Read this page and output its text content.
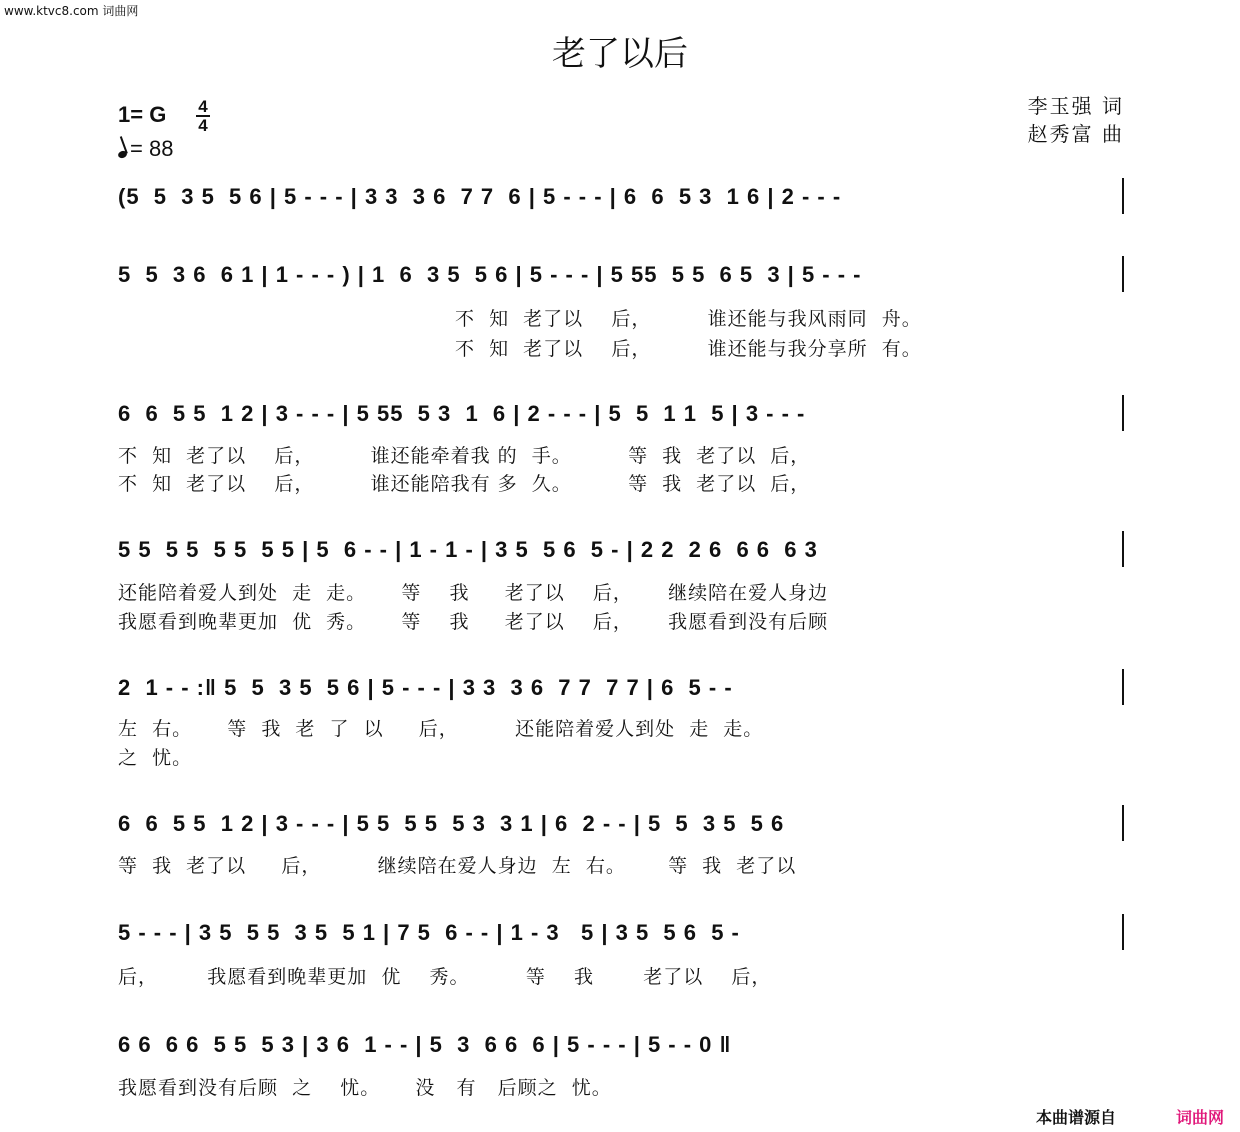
www.ktvc8.com 词曲网
老了以后
1= G 4
4
= 88
李玉强 词
赵秀富 曲
(5  5  3 5  5 6 | 5 - - - | 3 3  3 6  7 7  6 | 5 - - - | 6  6  5 3  1 6 | 2 - - -
5  5  3 6  6 1 | 1 - - - ) | 1  6  3 5  5 6 | 5 - - - | 5 55  5 5  6 5  3 | 5 - - -
不  知  老了以    后，        谁还能与我风雨同  舟。
不  知  老了以    后，        谁还能与我分享所  有。
6  6  5 5  1 2 | 3 - - - | 5 55  5 3  1  6 | 2 - - - | 5  5  1 1  5 | 3 - - -
不  知  老了以    后，        谁还能牵着我 的  手。        等  我  老了以  后，
不  知  老了以    后，        谁还能陪我有 多  久。        等  我  老了以  后，
5 5  5 5  5 5  5 5 | 5  6 - - | 1 - 1 - | 3 5  5 6  5 - | 2 2  2 6  6 6  6 3
还能陪着爱人到处  走  走。     等    我     老了以    后，     继续陪在爱人身边
我愿看到晚辈更加  优  秀。     等    我     老了以    后，     我愿看到没有后顾
2  1 - - :‖ 5  5  3 5  5 6 | 5 - - - | 3 3  3 6  7 7  7 7 | 6  5 - -
左  右。     等  我  老  了  以     后，        还能陪着爱人到处  走  走。
之  忧。
6  6  5 5  1 2 | 3 - - - | 5 5  5 5  5 3  3 1 | 6  2 - - | 5  5  3 5  5 6
等  我  老了以     后，        继续陪在爱人身边  左  右。      等  我  老了以
5 - - - | 3 5  5 5  3 5  5 1 | 7 5  6 - - | 1 - 3   5 | 3 5  5 6  5 -
后，       我愿看到晚辈更加  优    秀。        等    我       老了以    后，
6 6  6 6  5 5  5 3 | 3 6  1 - - | 5  3  6 6  6 | 5 - - - | 5 - - 0 ‖
我愿看到没有后顾  之    忧。     没   有   后顾之  忧。
本曲谱源自	词曲网
